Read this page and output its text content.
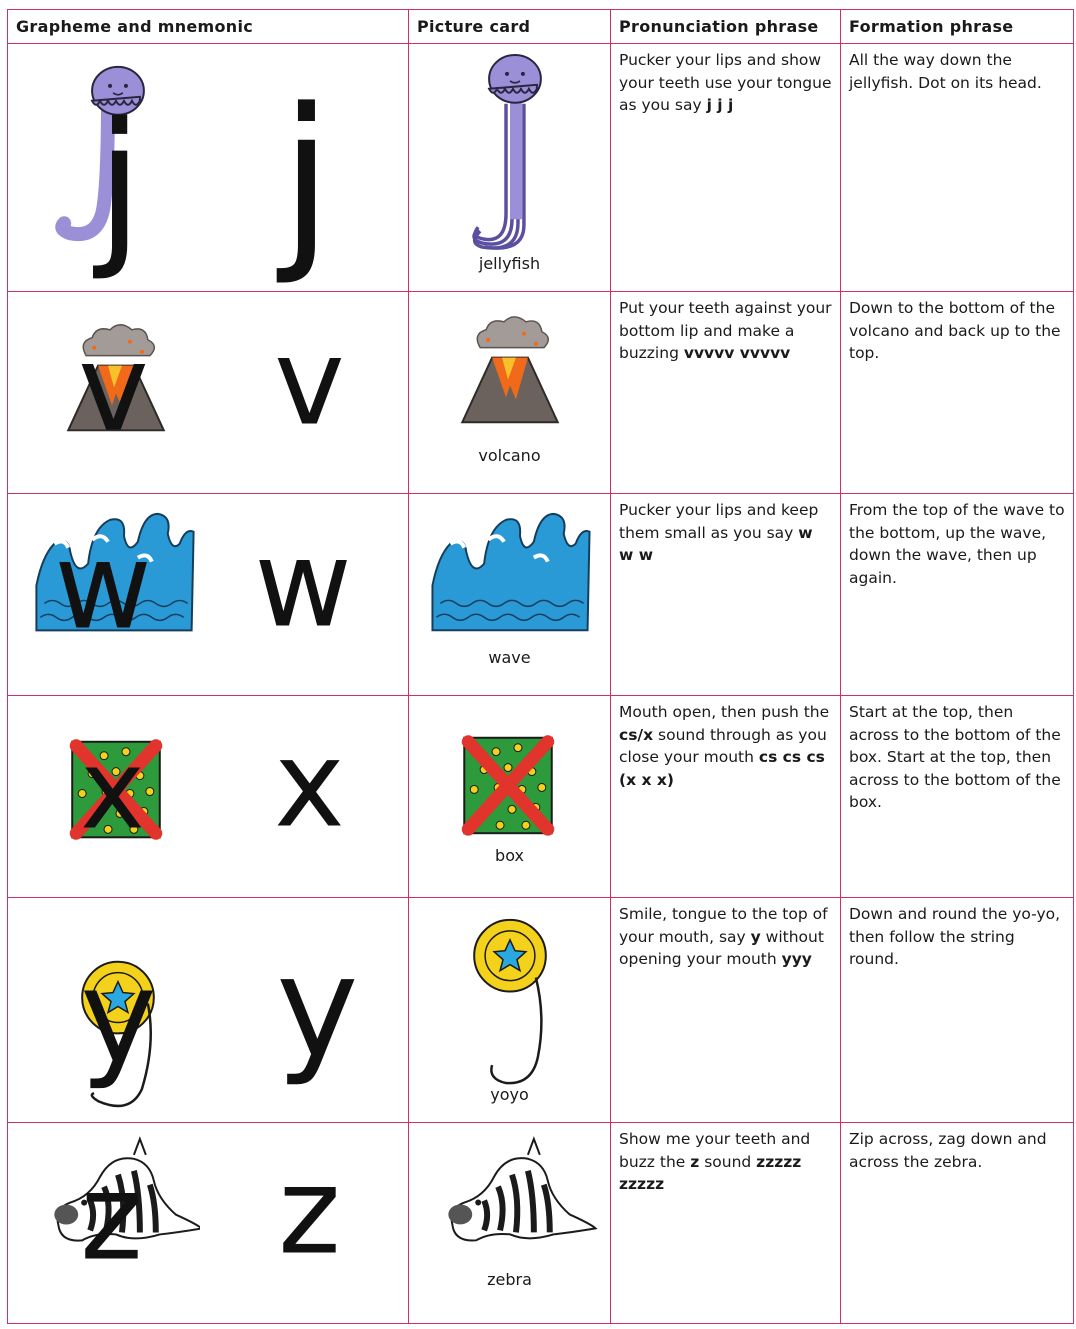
Grapheme and mnemonic	Picture card	Pronunciation phrase	Formation phrase

j j	jellyfish	Pucker your lips and show your teeth use your tongue as you say j j j	All the way down the jellyfish. Dot on its head.

v v	volcano	Put your teeth against your bottom lip and make a buzzing vvvvv vvvvv	Down to the bottom of the volcano and back up to the top.

w w	wave	Pucker your lips and keep them small as you say w w w	From the top of the wave to the bottom, up the wave, down the wave, then up again.

x x	box	Mouth open, then push the cs/x sound through as you close your mouth cs cs cs (x x x)	Start at the top, then across to the bottom of the box. Start at the top, then across to the bottom of the box.

y y	yoyo	Smile, tongue to the top of your mouth, say y without opening your mouth yyy	Down and round the yo-yo, then follow the string round.

z z	zebra	Show me your teeth and buzz the z sound zzzzz zzzzz	Zip across, zag down and across the zebra.
